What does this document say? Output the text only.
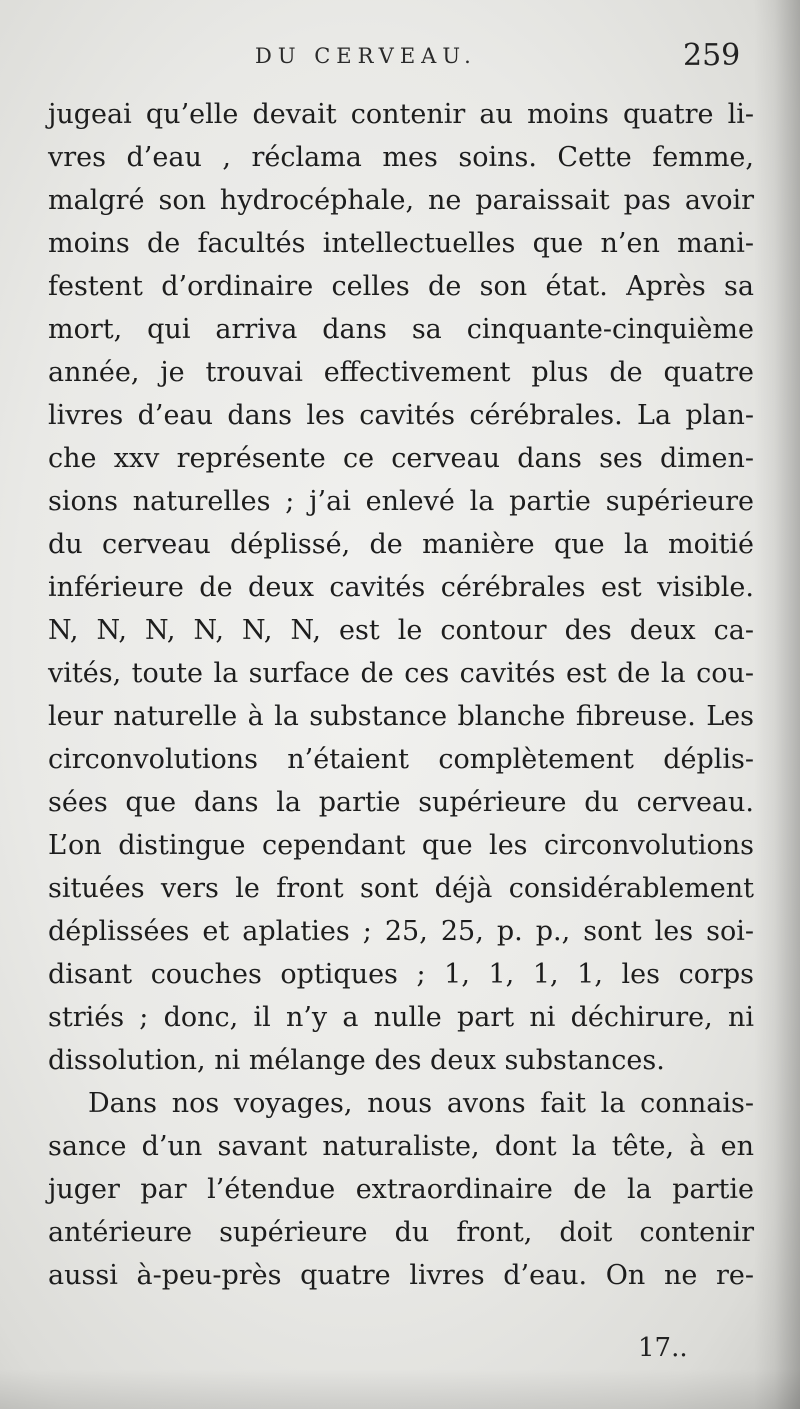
DU CERVEAU.	259
jugeai qu’elle devait contenir au moins quatre li-
vres d’eau , réclama mes soins. Cette femme,
malgré son hydrocéphale, ne paraissait pas avoir
moins de facultés intellectuelles que n’en mani-
festent d’ordinaire celles de son état. Après sa
mort, qui arriva dans sa cinquante-cinquième
année, je trouvai effectivement plus de quatre
livres d’eau dans les cavités cérébrales. La plan-
che xxv représente ce cerveau dans ses dimen-
sions naturelles ; j’ai enlevé la partie supérieure
du cerveau déplissé, de manière que la moitié
inférieure de deux cavités cérébrales est visible.
N, N, N, N, N, N, est le contour des deux ca-
vités, toute la surface de ces cavités est de la cou-
leur naturelle à la substance blanche fibreuse. Les
circonvolutions n’étaient complètement déplis-
sées que dans la partie supérieure du cerveau.
L’on distingue cependant que les circonvolutions
situées vers le front sont déjà considérablement
déplissées et aplaties ; 25, 25, p. p., sont les soi-
disant couches optiques ; 1, 1, 1, 1, les corps
striés ; donc, il n’y a nulle part ni déchirure, ni
dissolution, ni mélange des deux substances.
Dans nos voyages, nous avons fait la connais-
sance d’un savant naturaliste, dont la tête, à en
juger par l’étendue extraordinaire de la partie
antérieure supérieure du front, doit contenir
aussi à-peu-près quatre livres d’eau. On ne re-
17..
